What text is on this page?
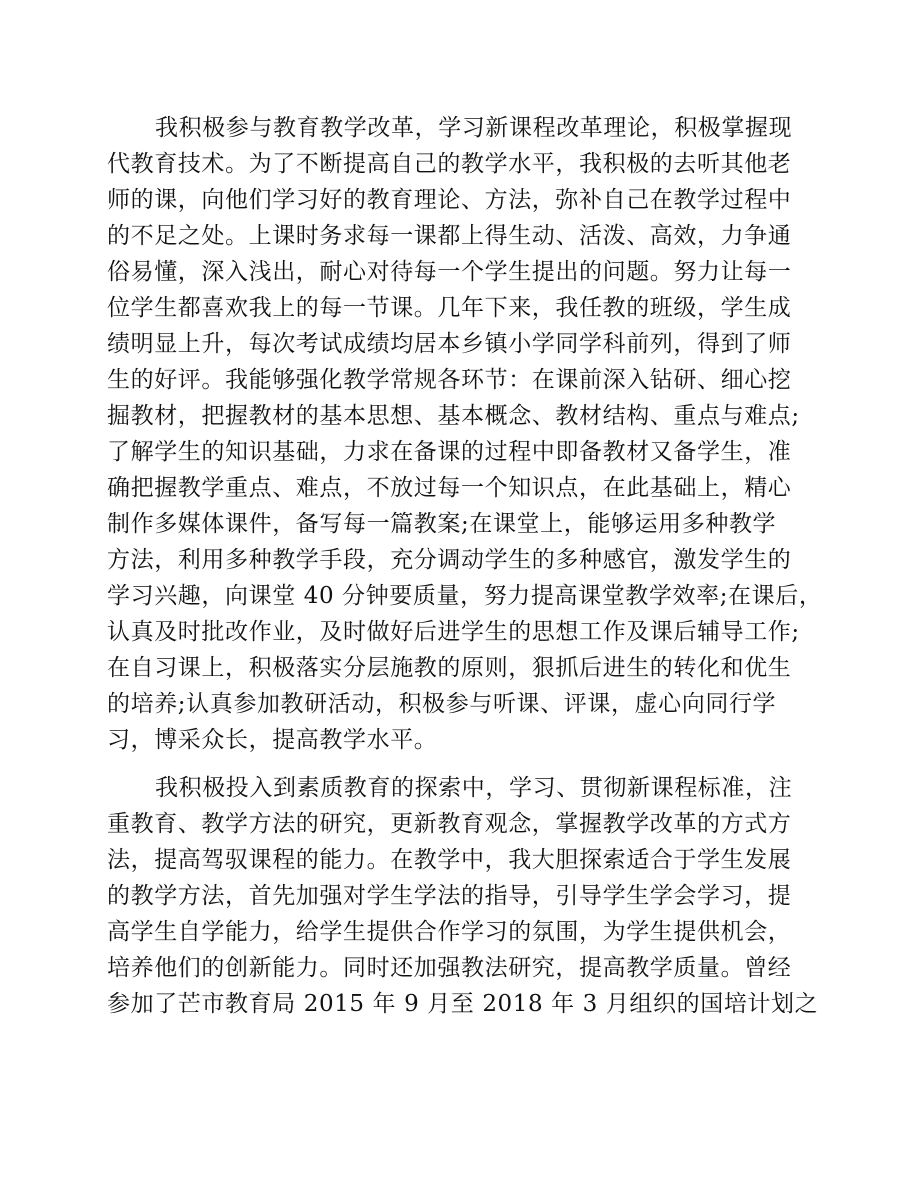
我积极参与教育教学改革，学习新课程改革理论，积极掌握现
代教育技术。为了不断提高自己的教学水平，我积极的去听其他老
师的课，向他们学习好的教育理论、方法，弥补自己在教学过程中
的不足之处。上课时务求每一课都上得生动、活泼、高效，力争通
俗易懂，深入浅出，耐心对待每一个学生提出的问题。努力让每一
位学生都喜欢我上的每一节课。几年下来，我任教的班级，学生成
绩明显上升，每次考试成绩均居本乡镇小学同学科前列，得到了师
生的好评。我能够强化教学常规各环节：在课前深入钻研、细心挖
掘教材，把握教材的基本思想、基本概念、教材结构、重点与难点;
了解学生的知识基础，力求在备课的过程中即备教材又备学生，准
确把握教学重点、难点，不放过每一个知识点，在此基础上，精心
制作多媒体课件，备写每一篇教案;在课堂上，能够运用多种教学
方法，利用多种教学手段，充分调动学生的多种感官，激发学生的
学习兴趣，向课堂 40 分钟要质量，努力提高课堂教学效率;在课后，
认真及时批改作业，及时做好后进学生的思想工作及课后辅导工作;
在自习课上，积极落实分层施教的原则，狠抓后进生的转化和优生
的培养;认真参加教研活动，积极参与听课、评课，虚心向同行学
习，博采众长，提高教学水平。
我积极投入到素质教育的探索中，学习、贯彻新课程标准，注
重教育、教学方法的研究，更新教育观念，掌握教学改革的方式方
法，提高驾驭课程的能力。在教学中，我大胆探索适合于学生发展
的教学方法，首先加强对学生学法的指导，引导学生学会学习，提
高学生自学能力，给学生提供合作学习的氛围，为学生提供机会，
培养他们的创新能力。同时还加强教法研究，提高教学质量。曾经
参加了芒市教育局 2015 年 9 月至 2018 年 3 月组织的国培计划之
